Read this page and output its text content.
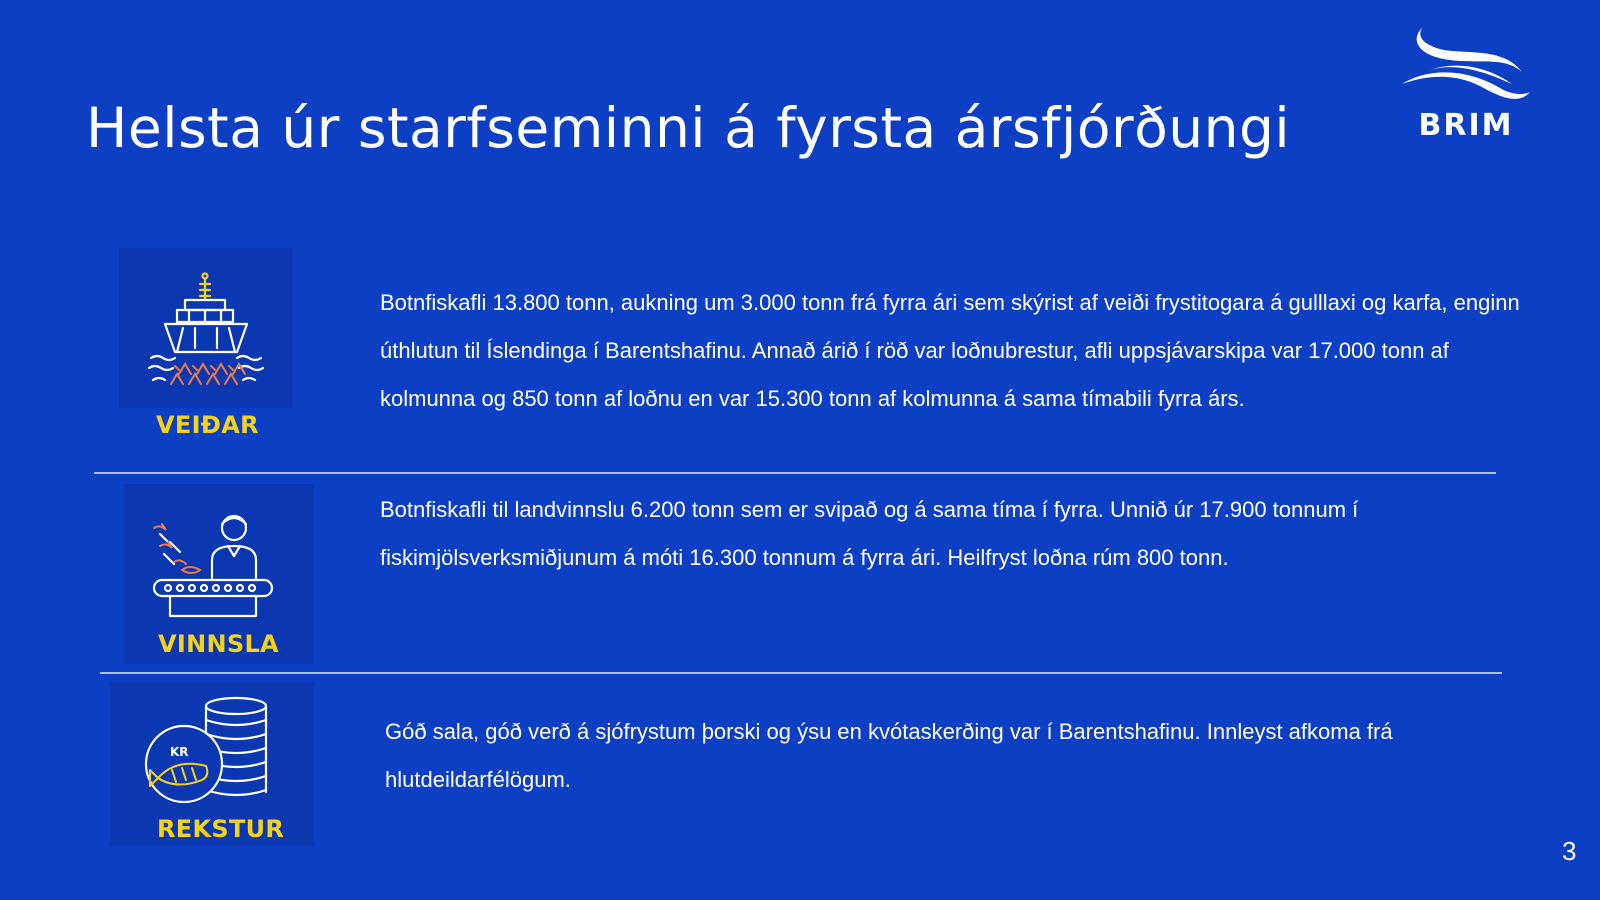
Helsta úr starfseminni á fyrsta ársfjórðungi	BRIM
VEIÐAR
Botnfiskafli 13.800 tonn, aukning um 3.000 tonn frá fyrra ári sem skýrist af veiði frystitogara á gulllaxi og karfa, enginn úthlutun til Íslendinga í Barentshafinu. Annað árið í röð var loðnubrestur, afli uppsjávarskipa var 17.000 tonn af kolmunna og 850 tonn af loðnu en var 15.300 tonn af kolmunna á sama tímabili fyrra árs.
VINNSLA
Botnfiskafli til landvinnslu 6.200 tonn sem er svipað og á sama tíma í fyrra. Unnið úr 17.900 tonnum í fiskimjölsverksmiðjunum á móti 16.300 tonnum á fyrra ári. Heilfryst loðna rúm 800 tonn.
KR
REKSTUR
Góð sala, góð verð á sjófrystum þorski og ýsu en kvótaskerðing var í Barentshafinu. Innleyst afkoma frá hlutdeildarfélögum.
3
